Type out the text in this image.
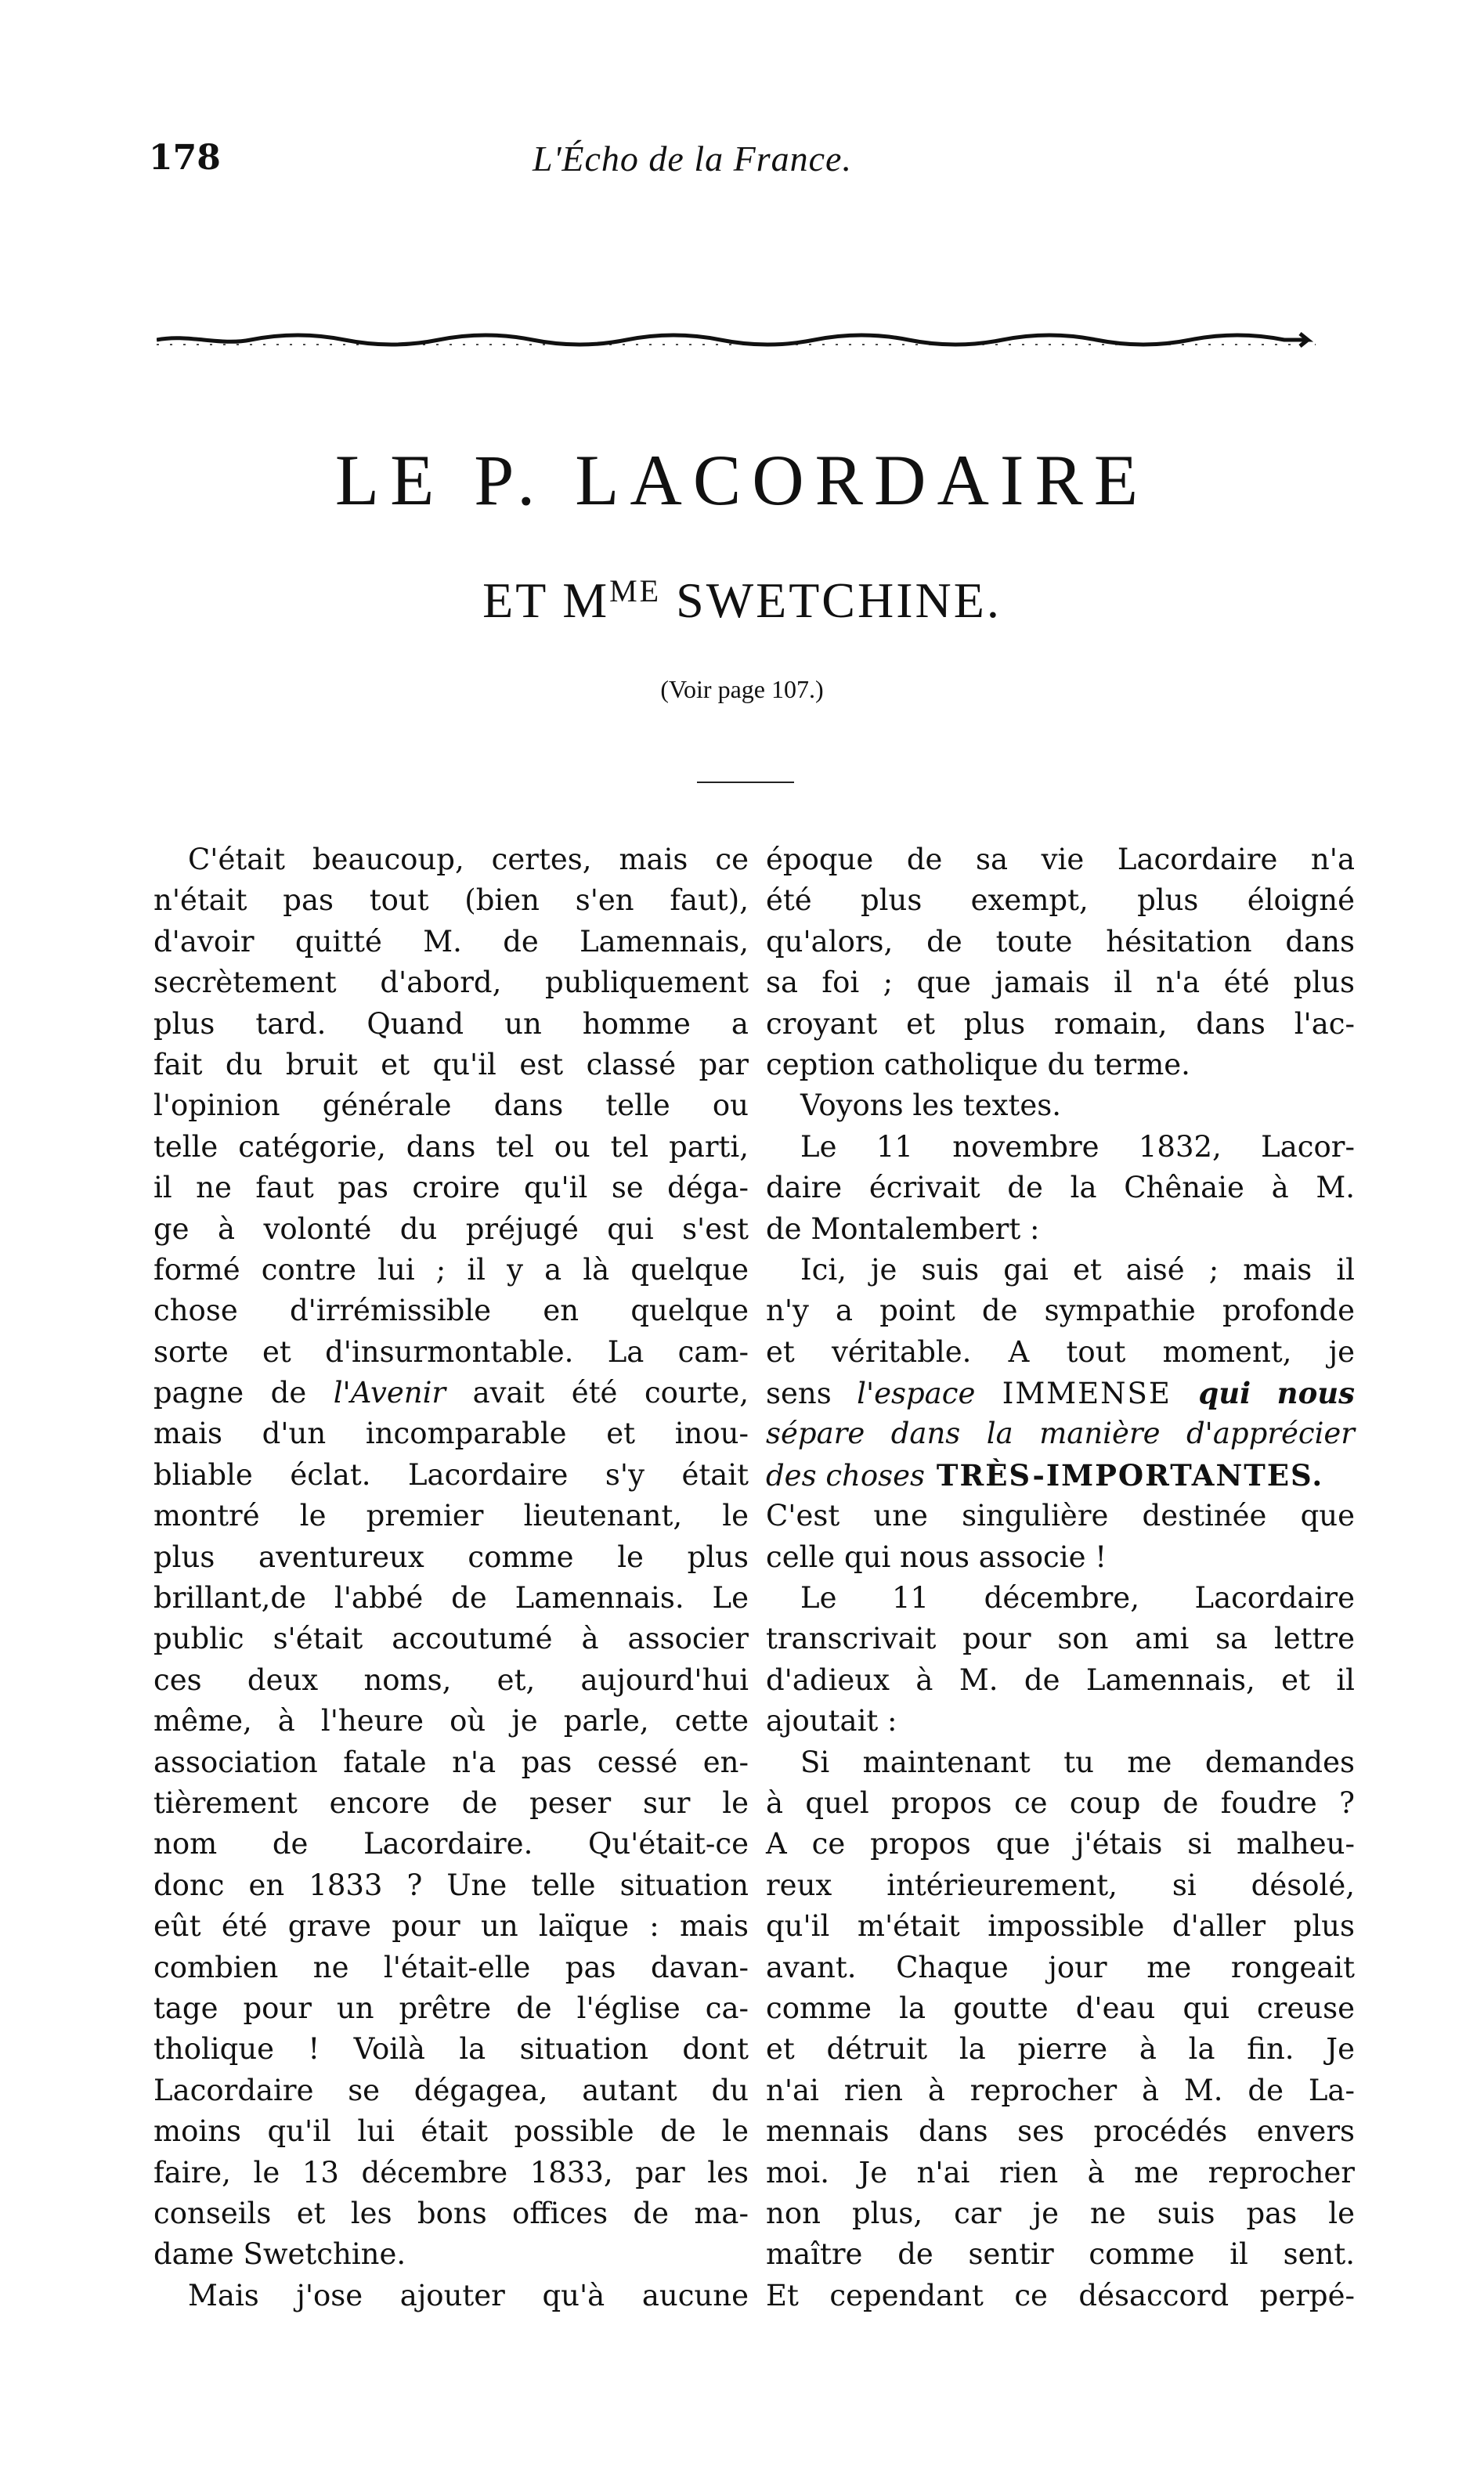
178	L'Écho de la France.
LE P. LACORDAIRE
ET $M^{ME}$ SWETCHINE.
(Voir page 107.)
C'était beaucoup, certes, mais ce
n'était pas tout (bien s'en faut),
d'avoir quitté M. de Lamennais,
secrètement d'abord, publiquement
plus tard. Quand un homme a
fait du bruit et qu'il est classé par
l'opinion générale dans telle ou
telle catégorie, dans tel ou tel parti,
il ne faut pas croire qu'il se déga-
ge à volonté du préjugé qui s'est
formé contre lui ; il y a là quelque
chose d'irrémissible en quelque
sorte et d'insurmontable. La cam-
pagne de l'Avenir avait été courte,
mais d'un incomparable et inou-
bliable éclat. Lacordaire s'y était
montré le premier lieutenant, le
plus aventureux comme le plus
brillant,de l'abbé de Lamennais. Le
public s'était accoutumé à associer
ces deux noms, et, aujourd'hui
même, à l'heure où je parle, cette
association fatale n'a pas cessé en-
tièrement encore de peser sur le
nom de Lacordaire. Qu'était-ce
donc en 1833 ? Une telle situation
eût été grave pour un laïque : mais
combien ne l'était-elle pas davan-
tage pour un prêtre de l'église ca-
tholique ! Voilà la situation dont
Lacordaire se dégagea, autant du
moins qu'il lui était possible de le
faire, le 13 décembre 1833, par les
conseils et les bons offices de ma-
dame Swetchine.
Mais j'ose ajouter qu'à aucune
époque de sa vie Lacordaire n'a
été plus exempt, plus éloigné
qu'alors, de toute hésitation dans
sa foi ; que jamais il n'a été plus
croyant et plus romain, dans l'ac-
ception catholique du terme.
Voyons les textes.
Le 11 novembre 1832, Lacor-
daire écrivait de la Chênaie à M.
de Montalembert :
Ici, je suis gai et aisé ; mais il
n'y a point de sympathie profonde
et véritable. A tout moment, je
sens l'espace IMMENSE qui nous
sépare dans la manière d'apprécier
des choses TRÈS-IMPORTANTES.
C'est une singulière destinée que
celle qui nous associe !
Le 11 décembre, Lacordaire
transcrivait pour son ami sa lettre
d'adieux à M. de Lamennais, et il
ajoutait :
Si maintenant tu me demandes
à quel propos ce coup de foudre ?
A ce propos que j'étais si malheu-
reux intérieurement, si désolé,
qu'il m'était impossible d'aller plus
avant. Chaque jour me rongeait
comme la goutte d'eau qui creuse
et détruit la pierre à la fin. Je
n'ai rien à reprocher à M. de La-
mennais dans ses procédés envers
moi. Je n'ai rien à me reprocher
non plus, car je ne suis pas le
maître de sentir comme il sent.
Et cependant ce désaccord perpé-
